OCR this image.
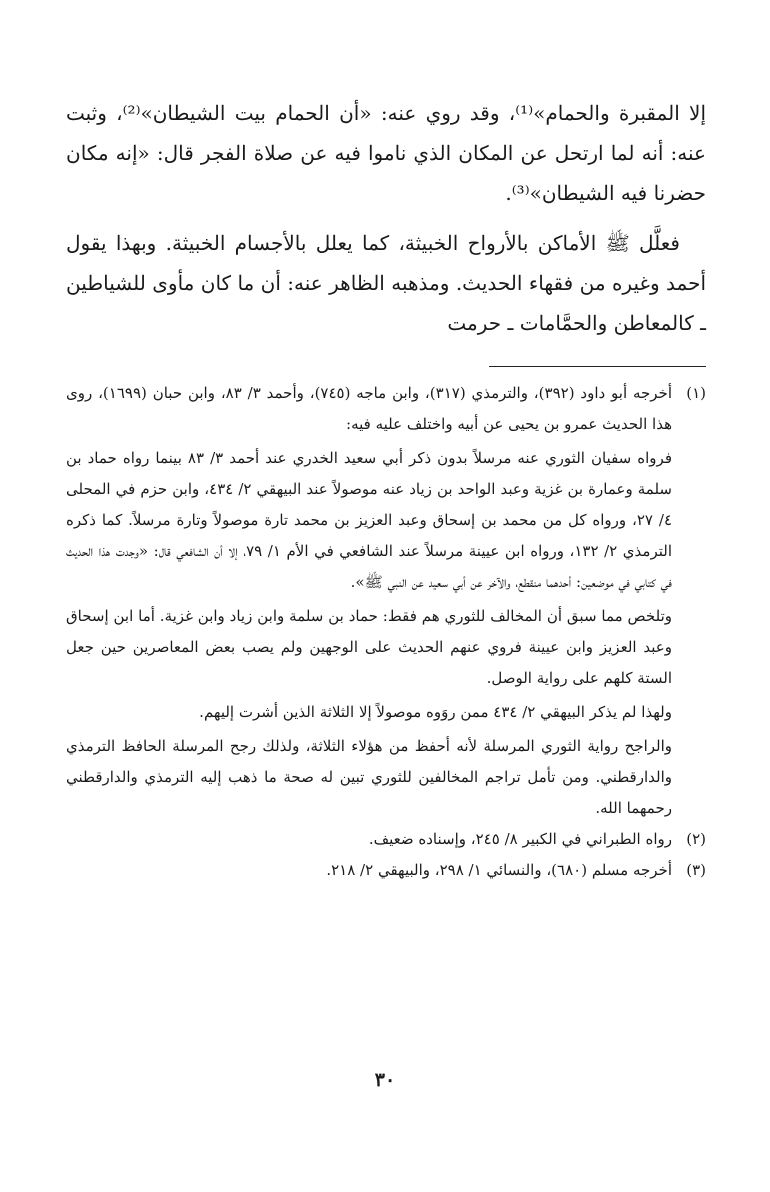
إلا المقبرة والحمام»⁽¹⁾، وقد روي عنه: «أن الحمام بيت الشيطان»⁽²⁾، وثبت عنه: أنه لما ارتحل عن المكان الذي ناموا فيه عن صلاة الفجر قال: «إنه مكان حضرنا فيه الشيطان»⁽³⁾.

فعلَّل ﷺ الأماكن بالأرواح الخبيثة، كما يعلل بالأجسام الخبيثة. وبهذا يقول أحمد وغيره من فقهاء الحديث. ومذهبه الظاهر عنه: أن ما كان مأوى للشياطين ـ كالمعاطن والحمَّامات ـ حرمت

(١)

أخرجه أبو داود (٣٩٢)، والترمذي (٣١٧)، وابن ماجه (٧٤٥)، وأحمد ٣/ ٨٣، وابن حبان (١٦٩٩)، روى هذا الحديث عمرو بن يحيى عن أبيه واختلف عليه فيه:

فرواه سفيان الثوري عنه مرسلاً بدون ذكر أبي سعيد الخدري عند أحمد ٣/ ٨٣ بينما رواه حماد بن سلمة وعمارة بن غزية وعبد الواحد بن زياد عنه موصولاً عند البيهقي ٢/ ٤٣٤، وابن حزم في المحلى ٤/ ٢٧، ورواه كل من محمد بن إسحاق وعبد العزيز بن محمد تارة موصولاً وتارة مرسلاً. كما ذكره الترمذي ٢/ ١٣٢، ورواه ابن عيينة مرسلاً عند الشافعي في الأم ١/ ٧٩، إلا أن الشافعي قال: «وجدت هذا الحديث في كتابي في موضعين: أحدهما منقطع، والآخر عن أبي سعيد عن النبي ﷺ».

وتلخص مما سبق أن المخالف للثوري هم فقط: حماد بن سلمة وابن زياد وابن غزية. أما ابن إسحاق وعبد العزيز وابن عيينة فروي عنهم الحديث على الوجهين ولم يصب بعض المعاصرين حين جعل الستة كلهم على رواية الوصل.

ولهذا لم يذكر البيهقي ٢/ ٤٣٤ ممن روَوه موصولاً إلا الثلاثة الذين أشرت إليهم.

والراجح رواية الثوري المرسلة لأنه أحفظ من هؤلاء الثلاثة، ولذلك رجح المرسلة الحافظ الترمذي والدارقطني. ومن تأمل تراجم المخالفين للثوري تبين له صحة ما ذهب إليه الترمذي والدارقطني رحمهما الله.

(٢)
رواه الطبراني في الكبير ٨/ ٢٤٥، وإسناده ضعيف.
(٣)
أخرجه مسلم (٦٨٠)، والنسائي ١/ ٢٩٨، والبيهقي ٢/ ٢١٨.
٣٠
